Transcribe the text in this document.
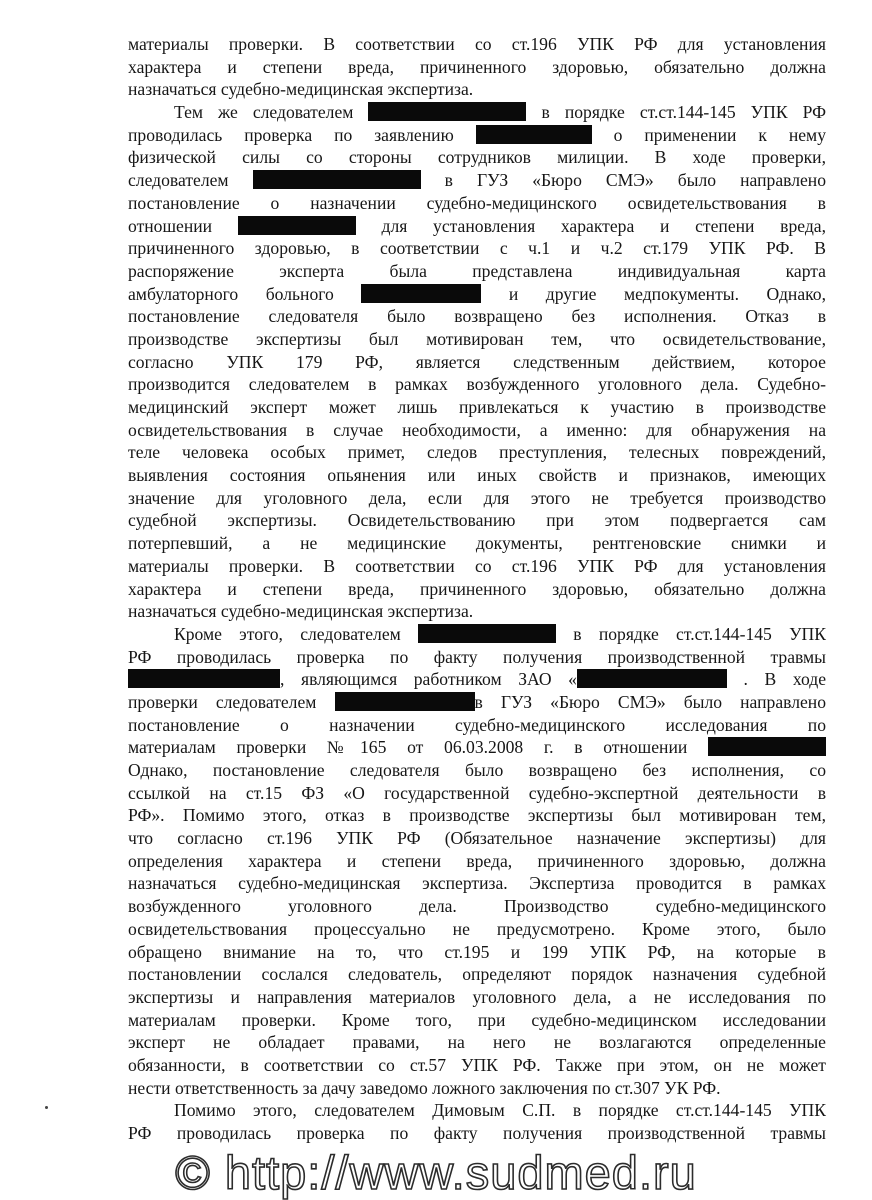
материалы проверки. В соответствии со ст.196 УПК РФ для установления
характера и степени вреда, причиненного здоровью, обязательно должна
назначаться судебно-медицинская экспертиза.
Тем же следователем	в порядке ст.ст.144-145 УПК РФ
проводилась проверка по заявлению	о применении к нему
физической силы со стороны сотрудников милиции. В ходе проверки,
следователем	в ГУЗ «Бюро СМЭ» было направлено
постановление о назначении судебно-медицинского освидетельствования в
отношении	для установления характера и степени вреда,
причиненного здоровью, в соответствии с ч.1 и ч.2 ст.179 УПК РФ. В
распоряжение эксперта была представлена индивидуальная карта
амбулаторного больного	и другие медпокументы. Однако,
постановление следователя было возвращено без исполнения. Отказ в
производстве экспертизы был мотивирован тем, что освидетельствование,
согласно УПК 179 РФ, является следственным действием, которое
производится следователем в рамках возбужденного уголовного дела. Судебно-
медицинский эксперт может лишь привлекаться к участию в производстве
освидетельствования в случае необходимости, а именно: для обнаружения на
теле человека особых примет, следов преступления, телесных повреждений,
выявления состояния опьянения или иных свойств и признаков, имеющих
значение для уголовного дела, если для этого не требуется производство
судебной экспертизы. Освидетельствованию при этом подвергается сам
потерпевший, а не медицинские документы, рентгеновские снимки и
материалы проверки. В соответствии со ст.196 УПК РФ для установления
характера и степени вреда, причиненного здоровью, обязательно должна
назначаться судебно-медицинская экспертиза.
Кроме этого, следователем	в порядке ст.ст.144-145 УПК
РФ проводилась проверка по факту получения производственной травмы
, являющимся работником ЗАО «	. В ходе
проверки следователем	в ГУЗ «Бюро СМЭ» было направлено
постановление о назначении судебно-медицинского исследования по
материалам проверки №165 от 06.03.2008 г. в отношении
Однако, постановление следователя было возвращено без исполнения, со
ссылкой на ст.15 ФЗ «О государственной судебно-экспертной деятельности в
РФ». Помимо этого, отказ в производстве экспертизы был мотивирован тем,
что согласно ст.196 УПК РФ (Обязательное назначение экспертизы) для
определения характера и степени вреда, причиненного здоровью, должна
назначаться судебно-медицинская экспертиза. Экспертиза проводится в рамках
возбужденного уголовного дела. Производство судебно-медицинского
освидетельствования процессуально не предусмотрено. Кроме этого, было
обращено внимание на то, что ст.195 и 199 УПК РФ, на которые в
постановлении сослался следователь, определяют порядок назначения судебной
экспертизы и направления материалов уголовного дела, а не исследования по
материалам проверки. Кроме того, при судебно-медицинском исследовании
эксперт не обладает правами, на него не возлагаются определенные
обязанности, в соответствии со ст.57 УПК РФ. Также при этом, он не может
нести ответственность за дачу заведомо ложного заключения по ст.307 УК РФ.
Помимо этого, следователем Димовым С.П. в порядке ст.ст.144-145 УПК
РФ проводилась проверка по факту получения производственной травмы
© http://www.sudmed.ru
